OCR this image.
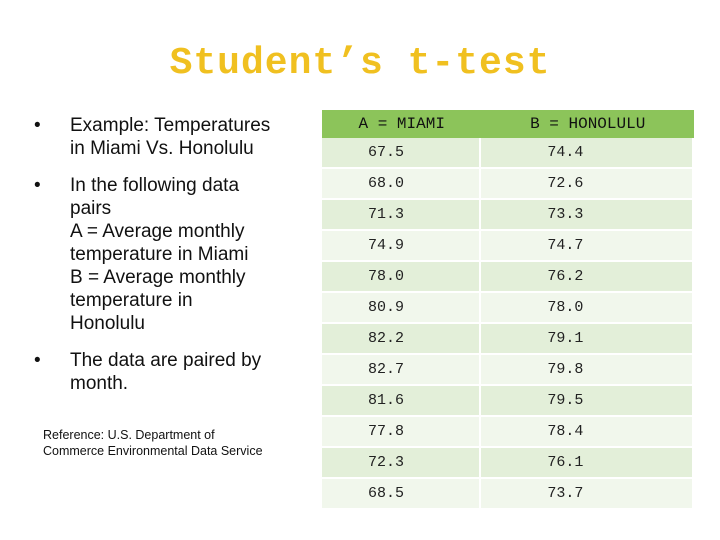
Student’s t-test
• Example: Temperatures
in Miami Vs. Honolulu
• In the following data
pairs
A = Average monthly
temperature in Miami
B = Average monthly
temperature in
Honolulu
• The data are paired by
month.
Reference: U.S. Department of
Commerce Environmental Data Service
A = MIAMI	B = HONOLULU
67.5	74.4
68.0	72.6
71.3	73.3
74.9	74.7
78.0	76.2
80.9	78.0
82.2	79.1
82.7	79.8
81.6	79.5
77.8	78.4
72.3	76.1
68.5	73.7
